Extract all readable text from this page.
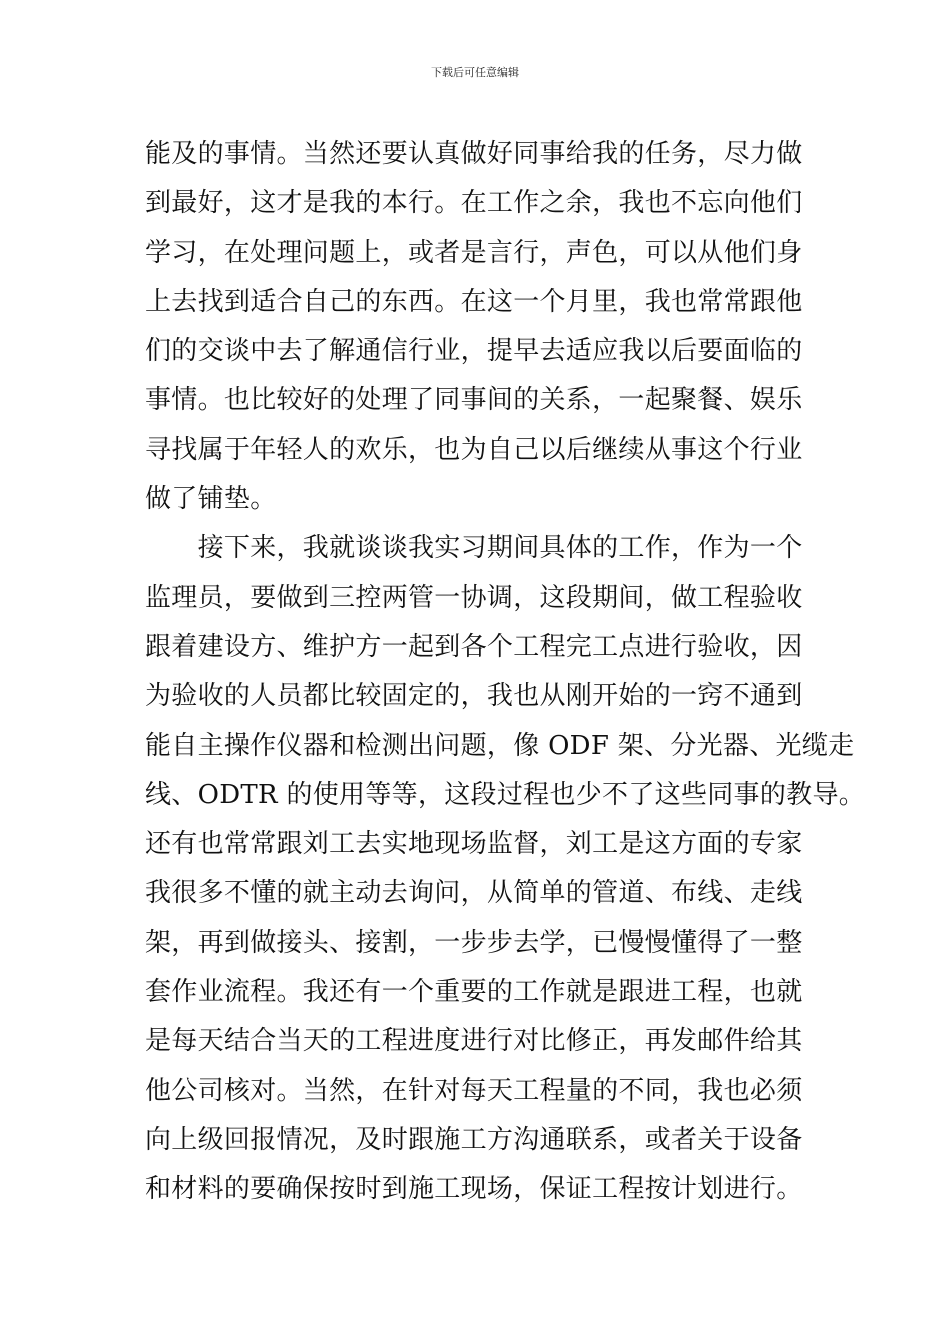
下载后可任意编辑
能及的事情。当然还要认真做好同事给我的任务，尽力做
到最好，这才是我的本行。在工作之余，我也不忘向他们
学习，在处理问题上，或者是言行，声色，可以从他们身
上去找到适合自己的东西。在这一个月里，我也常常跟他
们的交谈中去了解通信行业，提早去适应我以后要面临的
事情。也比较好的处理了同事间的关系，一起聚餐、娱乐
寻找属于年轻人的欢乐，也为自己以后继续从事这个行业
做了铺垫。
　　接下来，我就谈谈我实习期间具体的工作，作为一个
监理员，要做到三控两管一协调，这段期间，做工程验收
跟着建设方、维护方一起到各个工程完工点进行验收，因
为验收的人员都比较固定的，我也从刚开始的一窍不通到
能自主操作仪器和检测出问题，像 ODF 架、分光器、光缆走
线、ODTR 的使用等等，这段过程也少不了这些同事的教导。
还有也常常跟刘工去实地现场监督，刘工是这方面的专家
我很多不懂的就主动去询问，从简单的管道、布线、走线
架，再到做接头、接割，一步步去学，已慢慢懂得了一整
套作业流程。我还有一个重要的工作就是跟进工程，也就
是每天结合当天的工程进度进行对比修正，再发邮件给其
他公司核对。当然，在针对每天工程量的不同，我也必须
向上级回报情况，及时跟施工方沟通联系，或者关于设备
和材料的要确保按时到施工现场，保证工程按计划进行。
